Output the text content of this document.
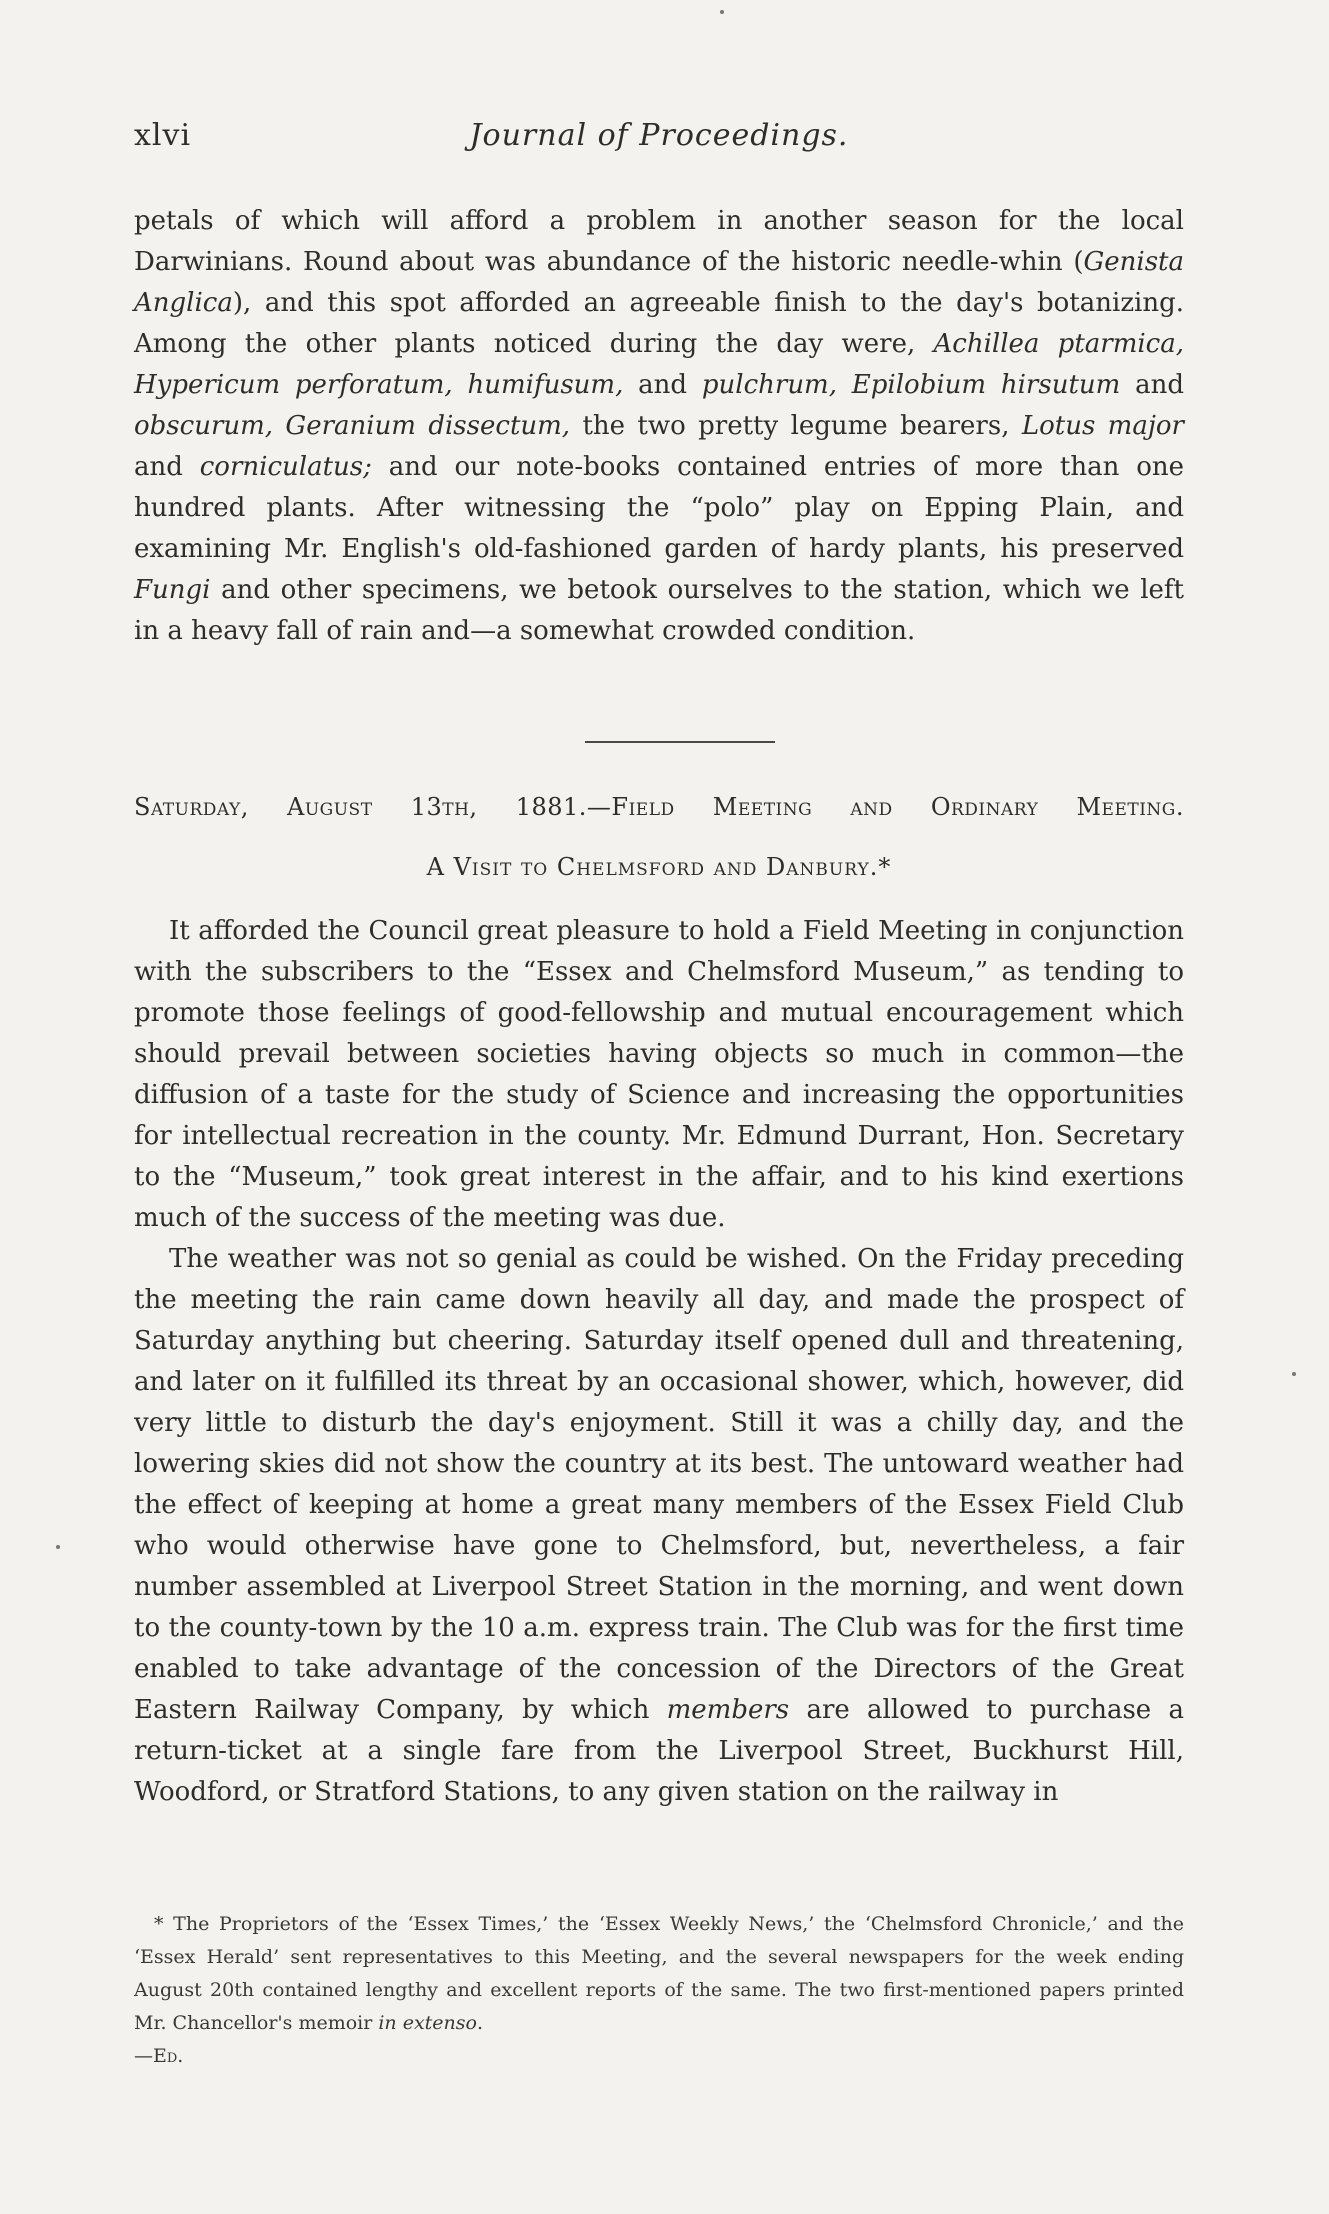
xlvi	Journal of Proceedings.

petals of which will afford a problem in another season for the local Darwinians. Round about was abundance of the historic needle-whin (Genista Anglica), and this spot afforded an agreeable finish to the day's botanizing. Among the other plants noticed during the day were, Achillea ptarmica, Hypericum perforatum, humifusum, and pulchrum, Epilobium hirsutum and obscurum, Geranium dissectum, the two pretty legume bearers, Lotus major and corniculatus; and our note-books contained entries of more than one hundred plants. After witnessing the “polo” play on Epping Plain, and examining Mr. English's old-fashioned garden of hardy plants, his preserved Fungi and other specimens, we betook ourselves to the station, which we left in a heavy fall of rain and—a somewhat crowded condition.

Saturday, August 13th, 1881.—Field Meeting and Ordinary Meeting.
A Visit to Chelmsford and Danbury.*

It afforded the Council great pleasure to hold a Field Meeting in conjunction with the subscribers to the “Essex and Chelmsford Museum,” as tending to promote those feelings of good-fellowship and mutual encouragement which should prevail between societies having objects so much in common—the diffusion of a taste for the study of Science and increasing the opportunities for intellectual recreation in the county. Mr. Edmund Durrant, Hon. Secretary to the “Museum,” took great interest in the affair, and to his kind exertions much of the success of the meeting was due.

The weather was not so genial as could be wished. On the Friday preceding the meeting the rain came down heavily all day, and made the prospect of Saturday anything but cheering. Saturday itself opened dull and threatening, and later on it fulfilled its threat by an occasional shower, which, however, did very little to disturb the day's enjoyment. Still it was a chilly day, and the lowering skies did not show the country at its best. The untoward weather had the effect of keeping at home a great many members of the Essex Field Club who would otherwise have gone to Chelmsford, but, nevertheless, a fair number assembled at Liverpool Street Station in the morning, and went down to the county-town by the 10 a.m. express train. The Club was for the first time enabled to take advantage of the concession of the Directors of the Great Eastern Railway Company, by which members are allowed to purchase a return-ticket at a single fare from the Liverpool Street, Buckhurst Hill, Woodford, or Stratford Stations, to any given station on the railway in

* The Proprietors of the ‘Essex Times,’ the ‘Essex Weekly News,’ the ‘Chelmsford Chronicle,’ and the ‘Essex Herald’ sent representatives to this Meeting, and the several newspapers for the week ending August 20th contained lengthy and excellent reports of the same. The two first-mentioned papers printed Mr. Chancellor's memoir in extenso.
—Ed.
